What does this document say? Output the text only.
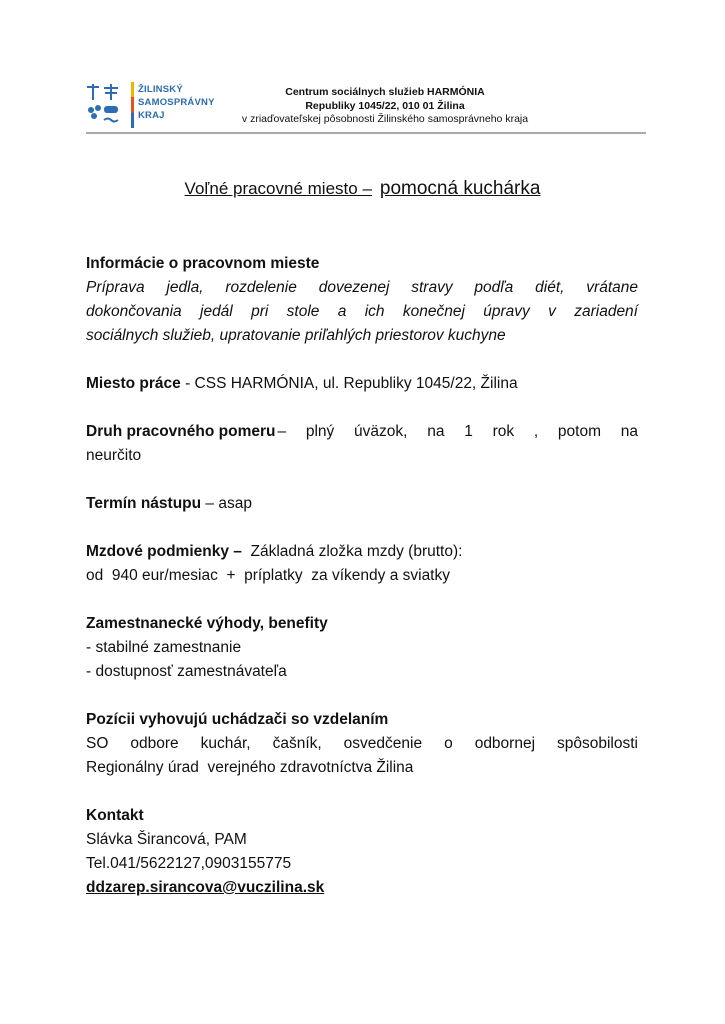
ŽILINSKÝ
SAMOSPRÁVNY
KRAJ
Centrum sociálnych služieb HARMÓNIA
Republiky 1045/22, 010 01 Žilina
v zriaďovateľskej pôsobnosti Žilinského samosprávneho kraja
Voľné pracovné miesto – pomocná kuchárka
Informácie o pracovnom mieste
Príprava jedla, rozdelenie dovezenej stravy podľa diét, vrátane
dokončovania jedál pri stole a ich konečnej úpravy v zariadení
sociálnych služieb, upratovanie priľahlých priestorov kuchyne
Miesto práce - CSS HARMÓNIA, ul. Republiky 1045/22, Žilina
Druh pracovného pomeru – plný úväzok, na 1 rok , potom na
neurčito
Termín nástupu – asap
Mzdové podmienky –  Základná zložka mzdy (brutto):
od  940 eur/mesiac  +  príplatky  za víkendy a sviatky
Zamestnanecké výhody, benefity
- stabilné zamestnanie
- dostupnosť zamestnávateľa
Pozícii vyhovujú uchádzači so vzdelaním
SO odbore kuchár, čašník, osvedčenie o odbornej spôsobilosti
Regionálny úrad  verejného zdravotníctva Žilina
Kontakt
Slávka Širancová, PAM
Tel.041/5622127,0903155775
ddzarep.sirancova@vuczilina.sk
